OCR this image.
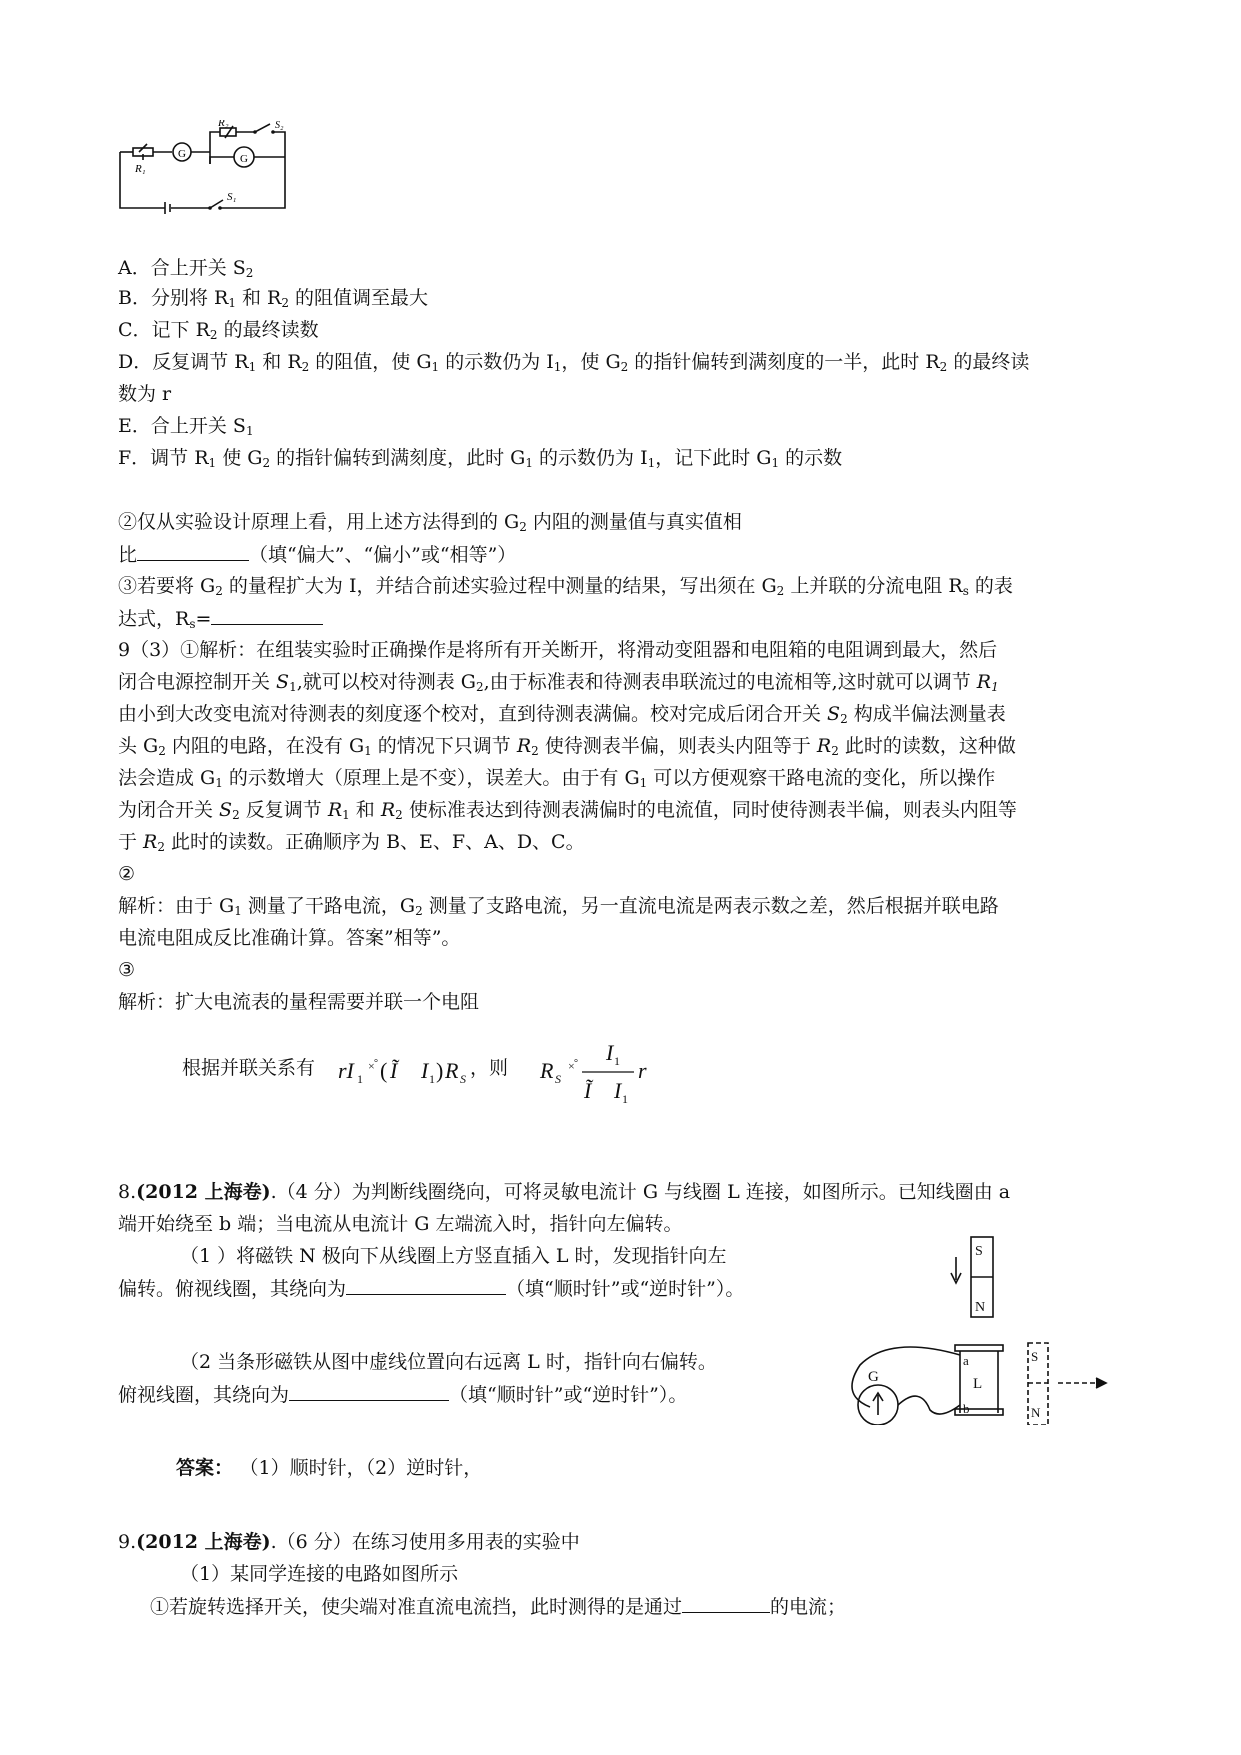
G	G
R₁
R₂	S₂
S₁
A．合上开关 $S_2$
B．分别将 $R_1$ 和 $R_2$ 的阻值调至最大
C．记下 $R_2$ 的最终读数
D．反复调节 $R_1$ 和 $R_2$ 的阻值，使 $G_1$ 的示数仍为 $I_1$，使 $G_2$ 的指针偏转到满刻度的一半，此时 $R_2$ 的最终读
数为 r
E．合上开关 $S_1$
F．调节 $R_1$ 使 $G_2$ 的指针偏转到满刻度，此时 $G_1$ 的示数仍为 $I_1$，记下此时 $G_1$ 的示数
②仅从实验设计原理上看，用上述方法得到的 $G_2$ 内阻的测量值与真实值相
比	（填“偏大”、“偏小”或“相等”）
③若要将 $G_2$ 的量程扩大为 I，并结合前述实验过程中测量的结果，写出须在 $G_2$ 上并联的分流电阻 $R_s$ 的表
达式，$R_s=$
9（3）①解析：在组装实验时正确操作是将所有开关断开，将滑动变阻器和电阻箱的电阻调到最大，然后
闭合电源控制开关 $S_1$,就可以校对待测表 $G_2$,由于标准表和待测表串联流过的电流相等,这时就可以调节 $R_1$
由小到大改变电流对待测表的刻度逐个校对，直到待测表满偏。校对完成后闭合开关 $S_2$ 构成半偏法测量表
头 $G_2$ 内阻的电路，在没有 $G_1$ 的情况下只调节 $R_2$ 使待测表半偏，则表头内阻等于 $R_2$ 此时的读数，这种做
法会造成 $G_1$ 的示数增大（原理上是不变），误差大。由于有 $G_1$ 可以方便观察干路电流的变化，所以操作
为闭合开关 $S_2$ 反复调节 $R_1$ 和 $R_2$ 使标准表达到待测表满偏时的电流值，同时使待测表半偏，则表头内阻等
于 $R_2$ 此时的读数。正确顺序为 B、E、F、A、D、C。
②
解析：由于 $G_1$ 测量了干路电流，$G_2$ 测量了支路电流，另一直流电流是两表示数之差，然后根据并联电路
电流电阻成反比准确计算。答案”相等”。
③
解析：扩大电流表的量程需要并联一个电阻
根据并联关系有 rI 1
× ° ( Ĩ I 1 ) R S	R S
× ° I 1
Ĩ I 1
r
，则
8.(2012 上海卷).（4 分）为判断线圈绕向，可将灵敏电流计 G 与线圈 L 连接，如图所示。已知线圈由 a
端开始绕至 b 端；当电流从电流计 G 左端流入时，指针向左偏转。
（1 ）将磁铁 N 极向下从线圈上方竖直插入 L 时，发现指针向左
偏转。俯视线圈，其绕向为	（填“顺时针”或“逆时针”）。
（2 当条形磁铁从图中虚线位置向右远离 L 时，指针向右偏转。
俯视线圈，其绕向为	（填“顺时针”或“逆时针”）。
S
N
G
a
b
L
S
N
答案： （1）顺时针，（2）逆时针，
9.(2012 上海卷).（6 分）在练习使用多用表的实验中
（1）某同学连接的电路如图所示
①若旋转选择开关，使尖端对准直流电流挡，此时测得的是通过	的电流；
